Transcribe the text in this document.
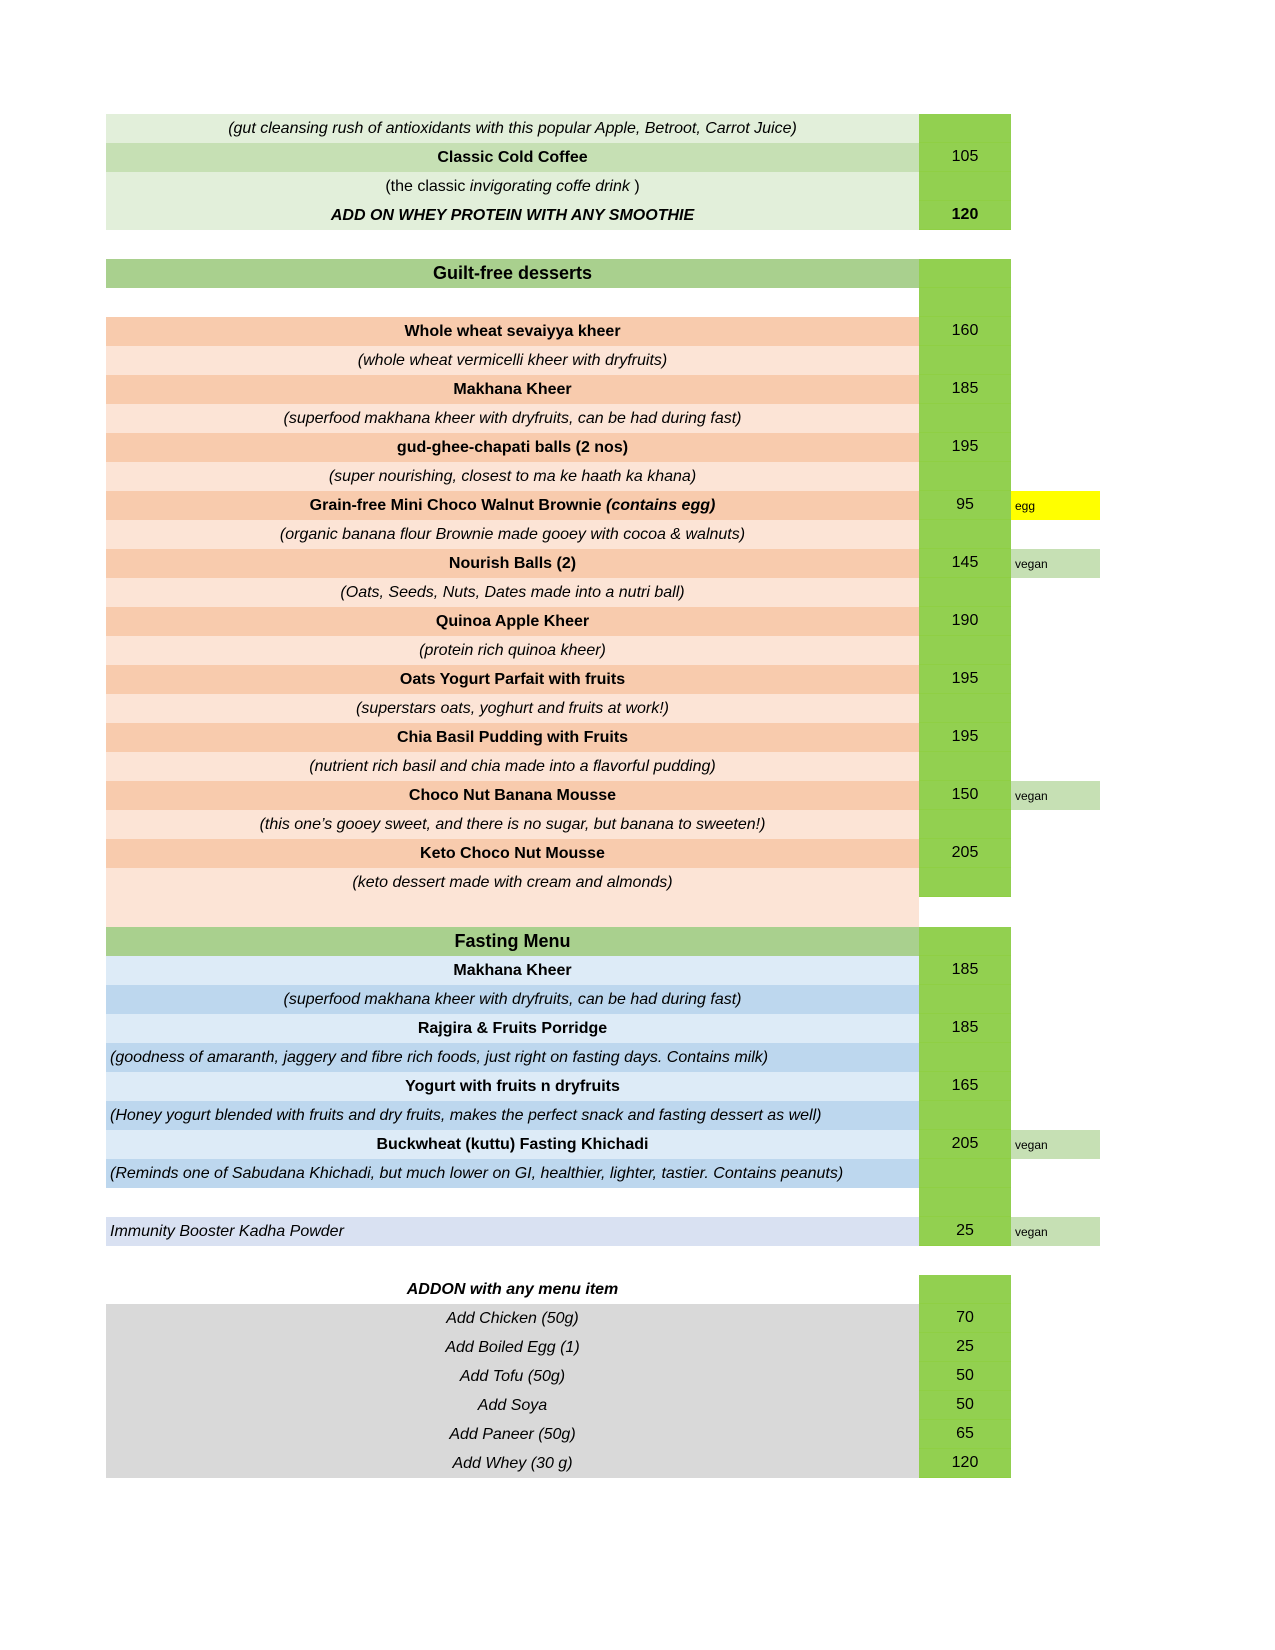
(gut cleansing rush of antioxidants with this popular Apple, Betroot, Carrot Juice)
Classic Cold Coffee	105
(the classic invigorating coffe drink )
ADD ON WHEY PROTEIN WITH ANY SMOOTHIE	120
Guilt-free desserts
Whole wheat sevaiyya kheer	160
(whole wheat vermicelli kheer with dryfruits)
Makhana Kheer	185
(superfood makhana kheer with dryfruits, can be had during fast)
gud-ghee-chapati balls (2 nos)	195
(super nourishing, closest to ma ke haath ka khana)
Grain-free Mini Choco Walnut Brownie (contains egg)	95	egg
(organic banana flour Brownie made gooey with cocoa & walnuts)
Nourish Balls (2)	145	vegan
(Oats, Seeds, Nuts, Dates made into a nutri ball)
Quinoa Apple Kheer	190
(protein rich quinoa kheer)
Oats Yogurt Parfait with fruits	195
(superstars oats, yoghurt and fruits at work!)
Chia Basil Pudding with Fruits	195
(nutrient rich basil and chia made into a flavorful pudding)
Choco Nut Banana Mousse	150	vegan
(this one’s gooey sweet, and there is no sugar, but banana to sweeten!)
Keto Choco Nut Mousse	205
(keto dessert made with cream and almonds)
Fasting Menu
Makhana Kheer	185
(superfood makhana kheer with dryfruits, can be had during fast)
Rajgira & Fruits Porridge	185
(goodness of amaranth, jaggery and fibre rich foods, just right on fasting days. Contains milk)
Yogurt with fruits n dryfruits	165
(Honey yogurt blended with fruits and dry fruits, makes the perfect snack and fasting dessert as well)
Buckwheat (kuttu) Fasting Khichadi	205	vegan
(Reminds one of Sabudana Khichadi, but much lower on GI, healthier, lighter, tastier. Contains peanuts)
Immunity Booster Kadha Powder	25	vegan
ADDON with any menu item
Add Chicken (50g)	70
Add Boiled Egg (1)	25
Add Tofu (50g)	50
Add Soya	50
Add Paneer (50g)	65
Add Whey (30 g)	120
